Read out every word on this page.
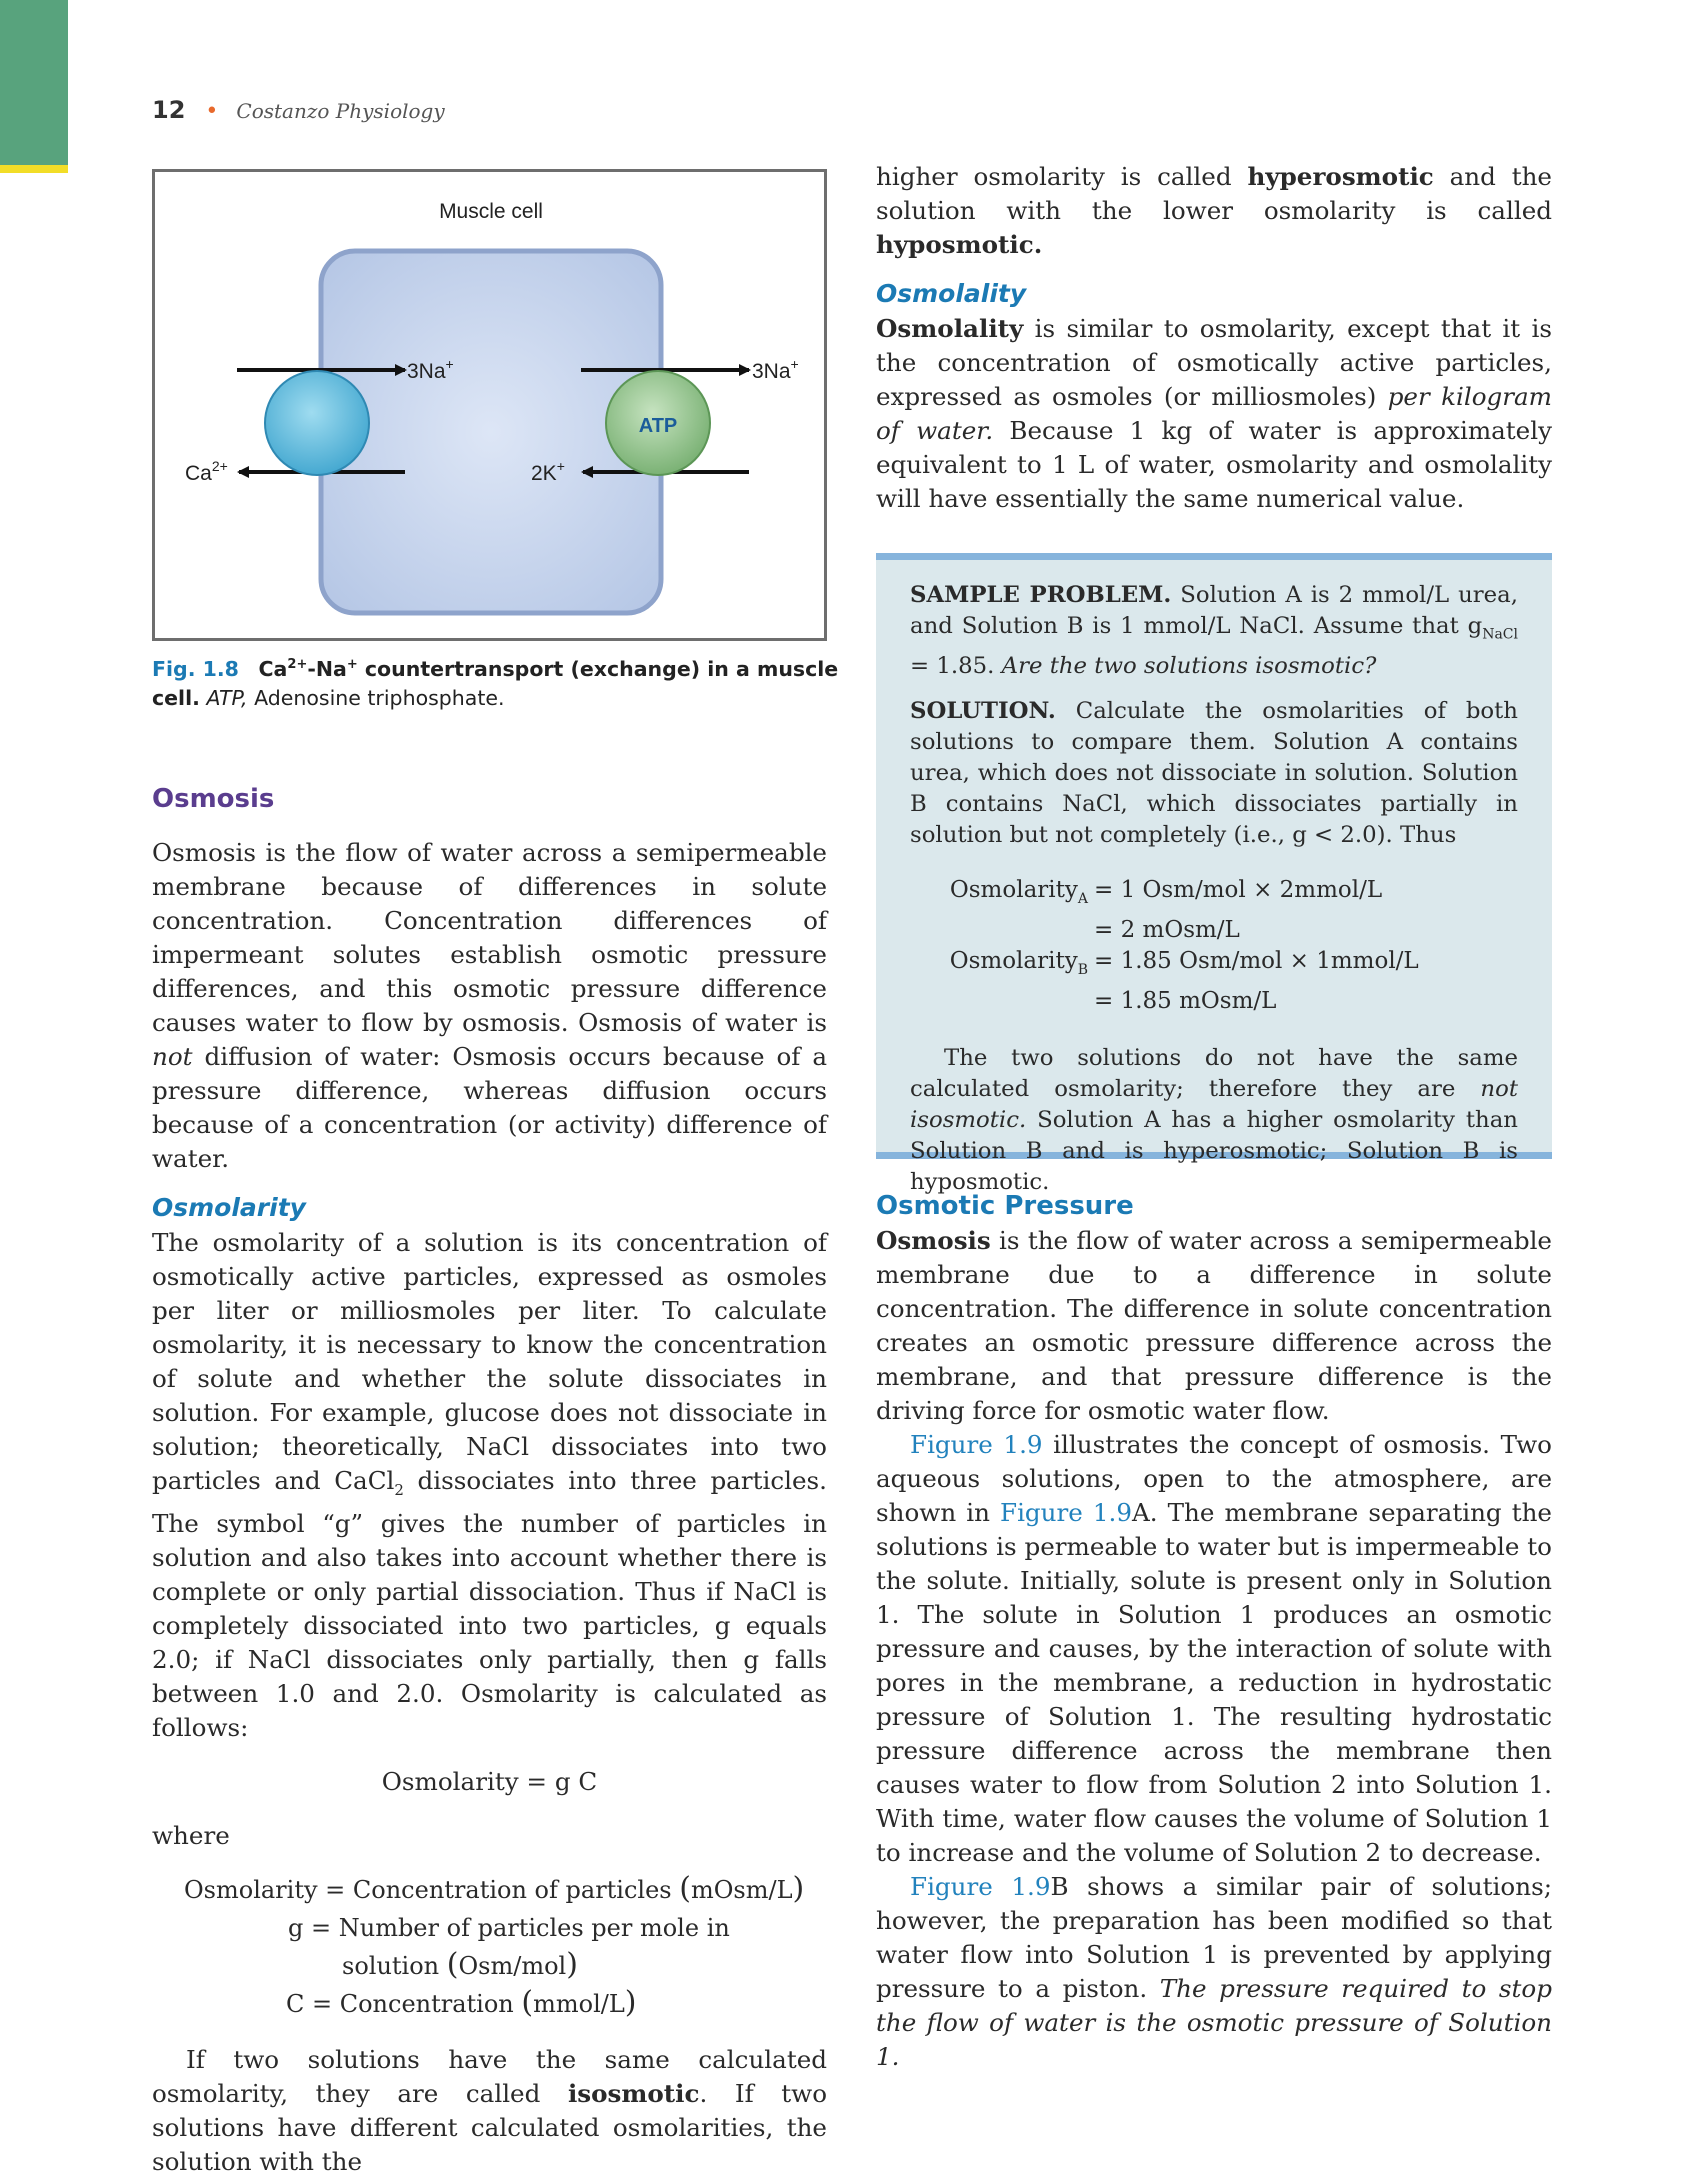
12 • Costanzo Physiology
Muscle cell
ATP
3Na+	3Na+
$Ca^{2+}$	2K+
Fig. 1.8 $Ca^{2+}-Na^+$ countertransport (exchange) in a muscle cell. ATP, Adenosine triphosphate.
Osmosis

Osmosis is the flow of water across a semipermeable membrane because of differences in solute concentration. Concentration differences of impermeant solutes establish osmotic pressure differences, and this osmotic pressure difference causes water to flow by osmosis. Osmosis of water is not diffusion of water: Osmosis occurs because of a pressure difference, whereas diffusion occurs because of a concentration (or activity) difference of water.

Osmolarity

The osmolarity of a solution is its concentration of osmotically active particles, expressed as osmoles per liter or milliosmoles per liter. To calculate osmolarity, it is necessary to know the concentration of solute and whether the solute dissociates in solution. For example, glucose does not dissociate in solution; theoretically, NaCl dissociates into two particles and CaCl$_2$ dissociates into three particles. The symbol “g” gives the number of particles in solution and also takes into account whether there is complete or only partial dissociation. Thus if NaCl is completely dissociated into two particles, g equals 2.0; if NaCl dissociates only partially, then g falls between 1.0 and 2.0. Osmolarity is calculated as follows:

Osmolarity = g C

where

Osmolarity = Concentration of particles (mOsm/L)
g = Number of particles per mole in
solution (Osm/mol)
C = Concentration (mmol/L)

If two solutions have the same calculated osmolarity, they are called isosmotic. If two solutions have different calculated osmolarities, the solution with the

higher osmolarity is called hyperosmotic and the solution with the lower osmolarity is called hyposmotic.

Osmolality

Osmolality is similar to osmolarity, except that it is the concentration of osmotically active particles, expressed as osmoles (or milliosmoles) per kilogram of water. Because 1 kg of water is approximately equivalent to 1 L of water, osmolarity and osmolality will have essentially the same numerical value.

SAMPLE PROBLEM. Solution A is 2 mmol/L urea, and Solution B is 1 mmol/L NaCl. Assume that $g_{NaCl} = 1.85$. Are the two solutions isosmotic?

SOLUTION. Calculate the osmolarities of both solutions to compare them. Solution A contains urea, which does not dissociate in solution. Solution B contains NaCl, which dissociates partially in solution but not completely (i.e., g < 2.0). Thus

Osmolarity$_A$ = 1 Osm/mol × 2mmol/L
= 2 mOsm/L
Osmolarity$_B$ = 1.85 Osm/mol × 1mmol/L
= 1.85 mOsm/L

The two solutions do not have the same calculated osmolarity; therefore they are not isosmotic. Solution A has a higher osmolarity than Solution B and is hyperosmotic; Solution B is hyposmotic.

Osmotic Pressure

Osmosis is the flow of water across a semipermeable membrane due to a difference in solute concentration. The difference in solute concentration creates an osmotic pressure difference across the membrane, and that pressure difference is the driving force for osmotic water flow.

Figure 1.9 illustrates the concept of osmosis. Two aqueous solutions, open to the atmosphere, are shown in Figure 1.9A. The membrane separating the solutions is permeable to water but is impermeable to the solute. Initially, solute is present only in Solution 1. The solute in Solution 1 produces an osmotic pressure and causes, by the interaction of solute with pores in the membrane, a reduction in hydrostatic pressure of Solution 1. The resulting hydrostatic pressure difference across the membrane then causes water to flow from Solution 2 into Solution 1. With time, water flow causes the volume of Solution 1 to increase and the volume of Solution 2 to decrease.

Figure 1.9B shows a similar pair of solutions; however, the preparation has been modified so that water flow into Solution 1 is prevented by applying pressure to a piston. The pressure required to stop the flow of water is the osmotic pressure of Solution 1.
